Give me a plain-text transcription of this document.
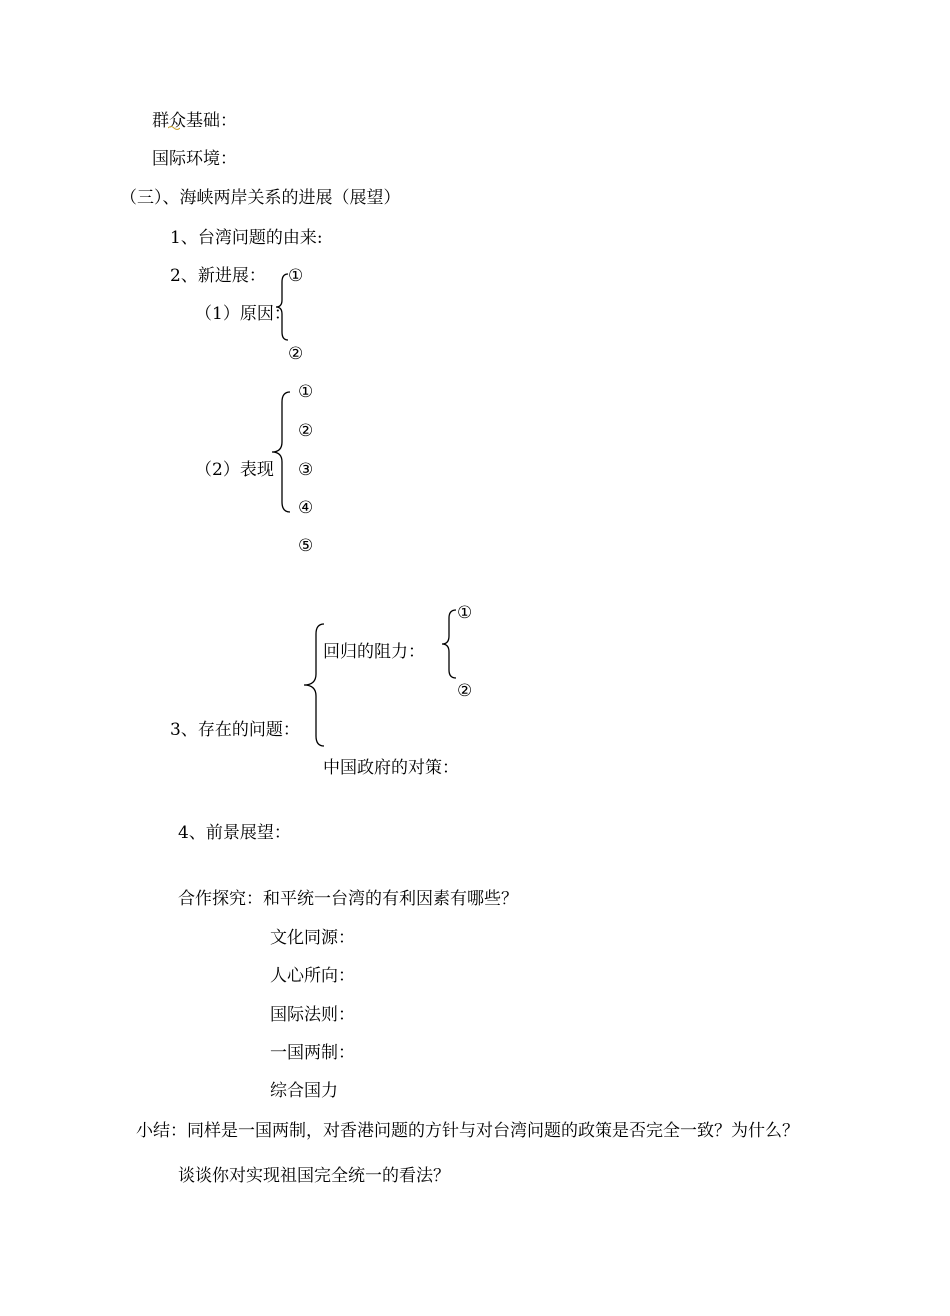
群众基础：
国际环境：
（三）、海峡两岸关系的进展（展望）
1、台湾问题的由来:
2、新进展： ①
（1）原因：
②
①
②
（2）表现 ③
④
⑤
回归的阻力：
①
②
3、存在的问题：
中国政府的对策：
4、前景展望：
合作探究：和平统一台湾的有利因素有哪些？
文化同源：
人心所向：
国际法则：
一国两制：
综合国力
小结：同样是一国两制，对香港问题的方针与对台湾问题的政策是否完全一致？为什么？
谈谈你对实现祖国完全统一的看法？
